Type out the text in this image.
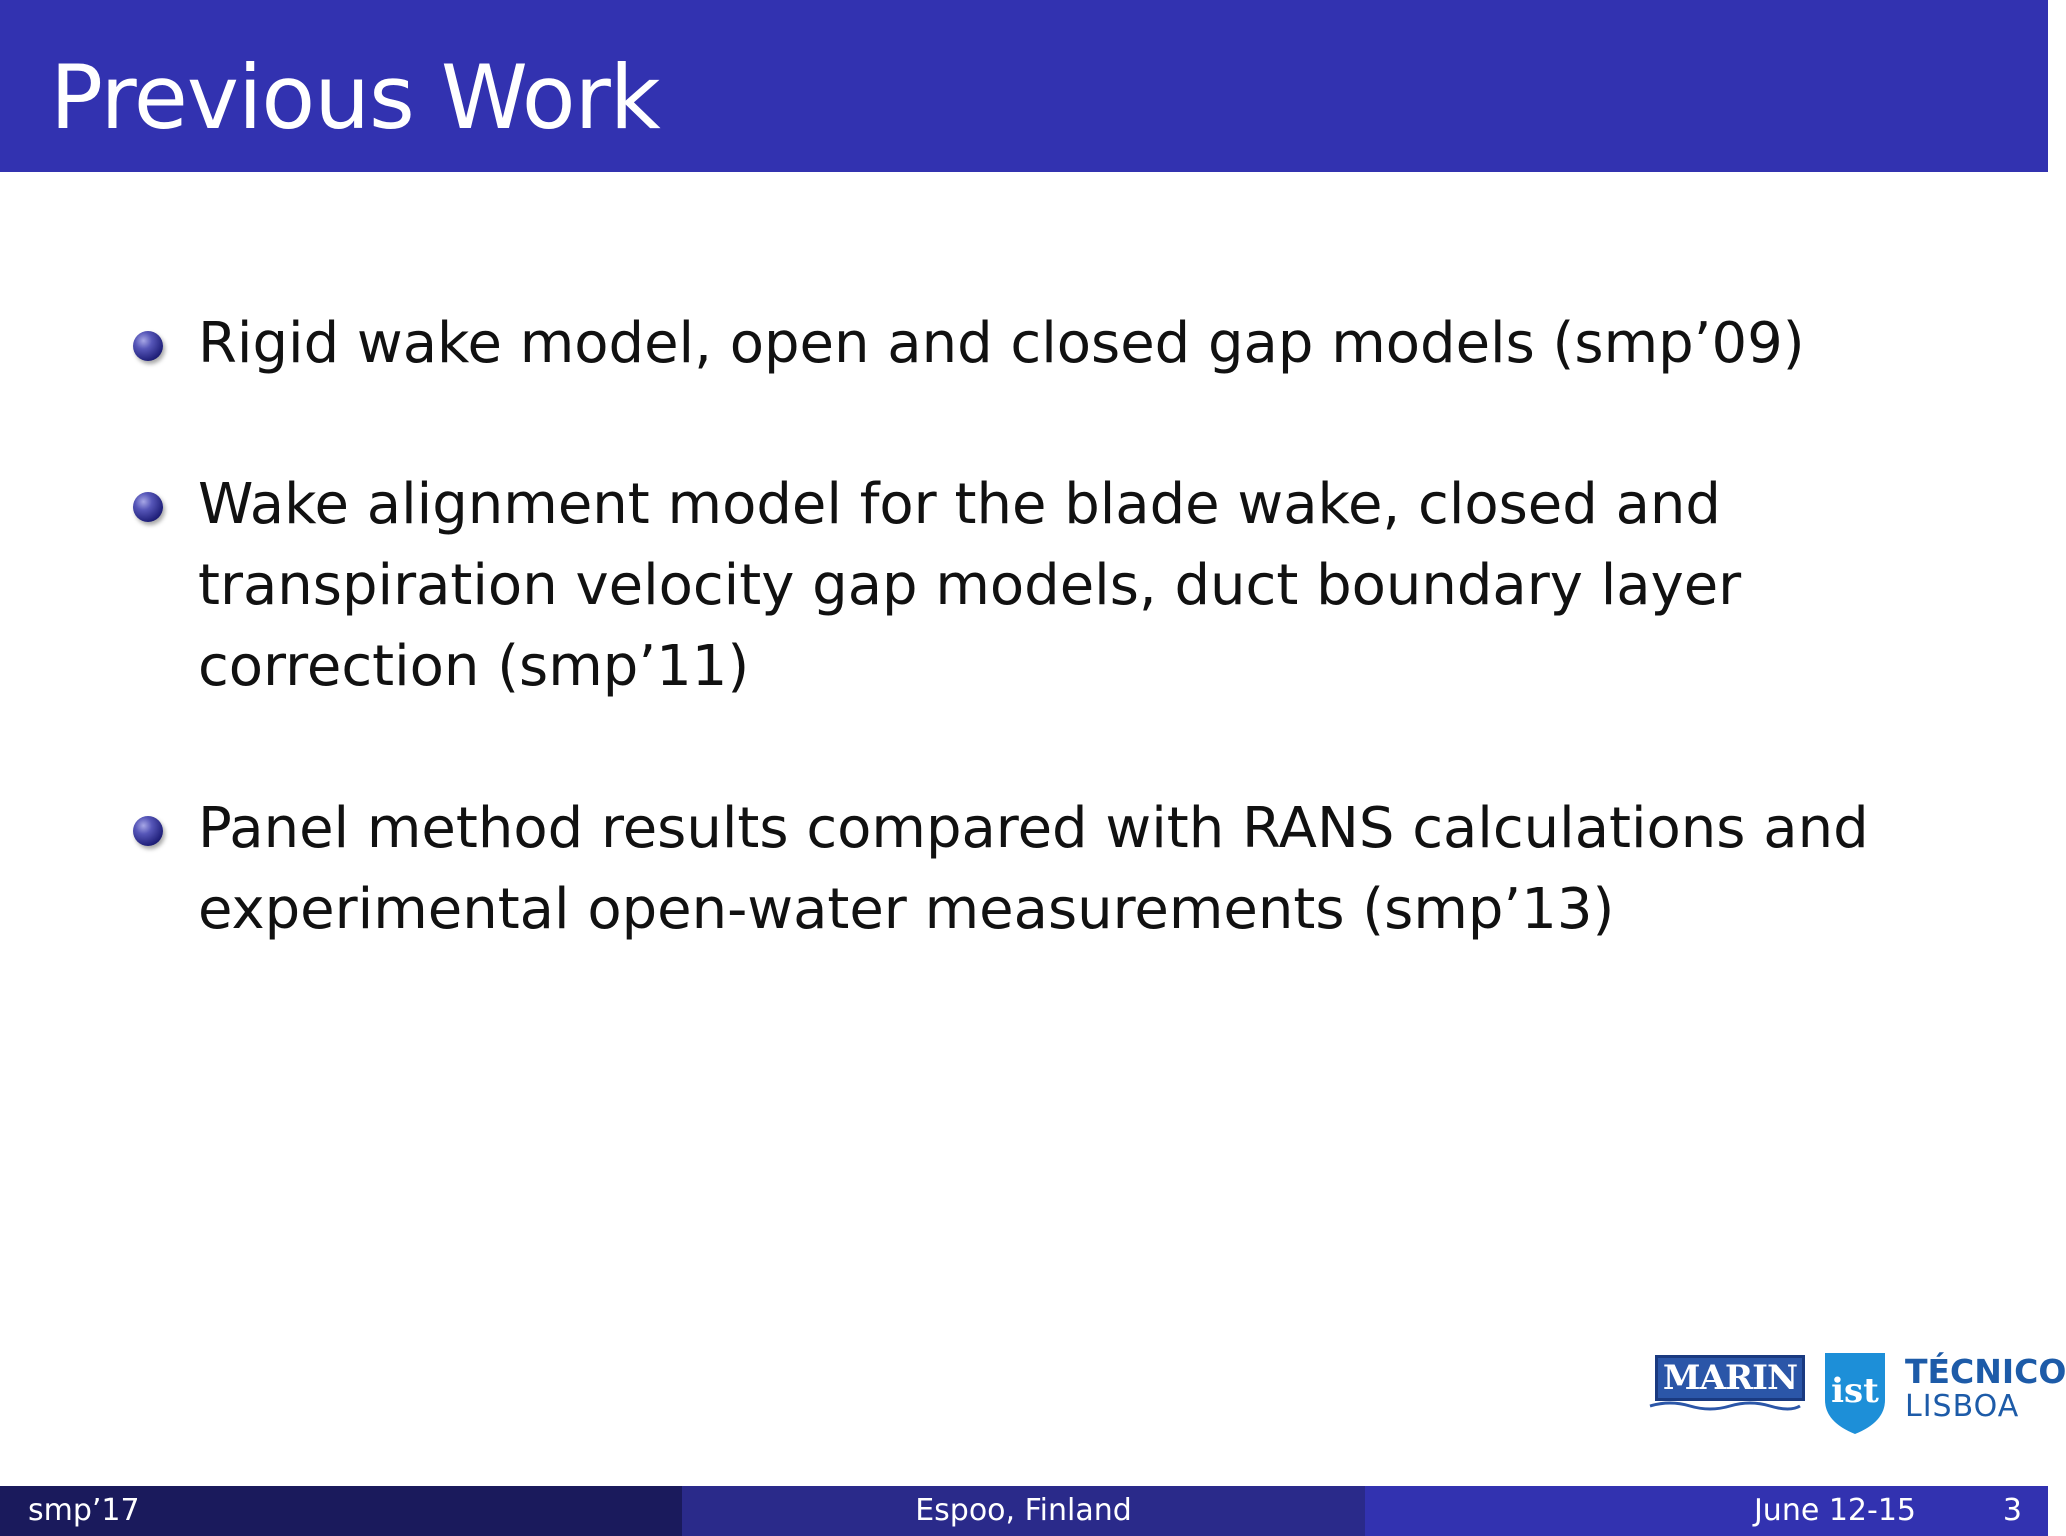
Previous Work
Rigid wake model, open and closed gap models (smp’09)
Wake alignment model for the blade wake, closed and
transpiration velocity gap models, duct boundary layer
correction (smp’11)
Panel method results compared with RANS calculations and
experimental open-water measurements (smp’13)
MARIN ist TÉCNICO
LISBOA
smp’17	Espoo, Finland	June 12-15	3
